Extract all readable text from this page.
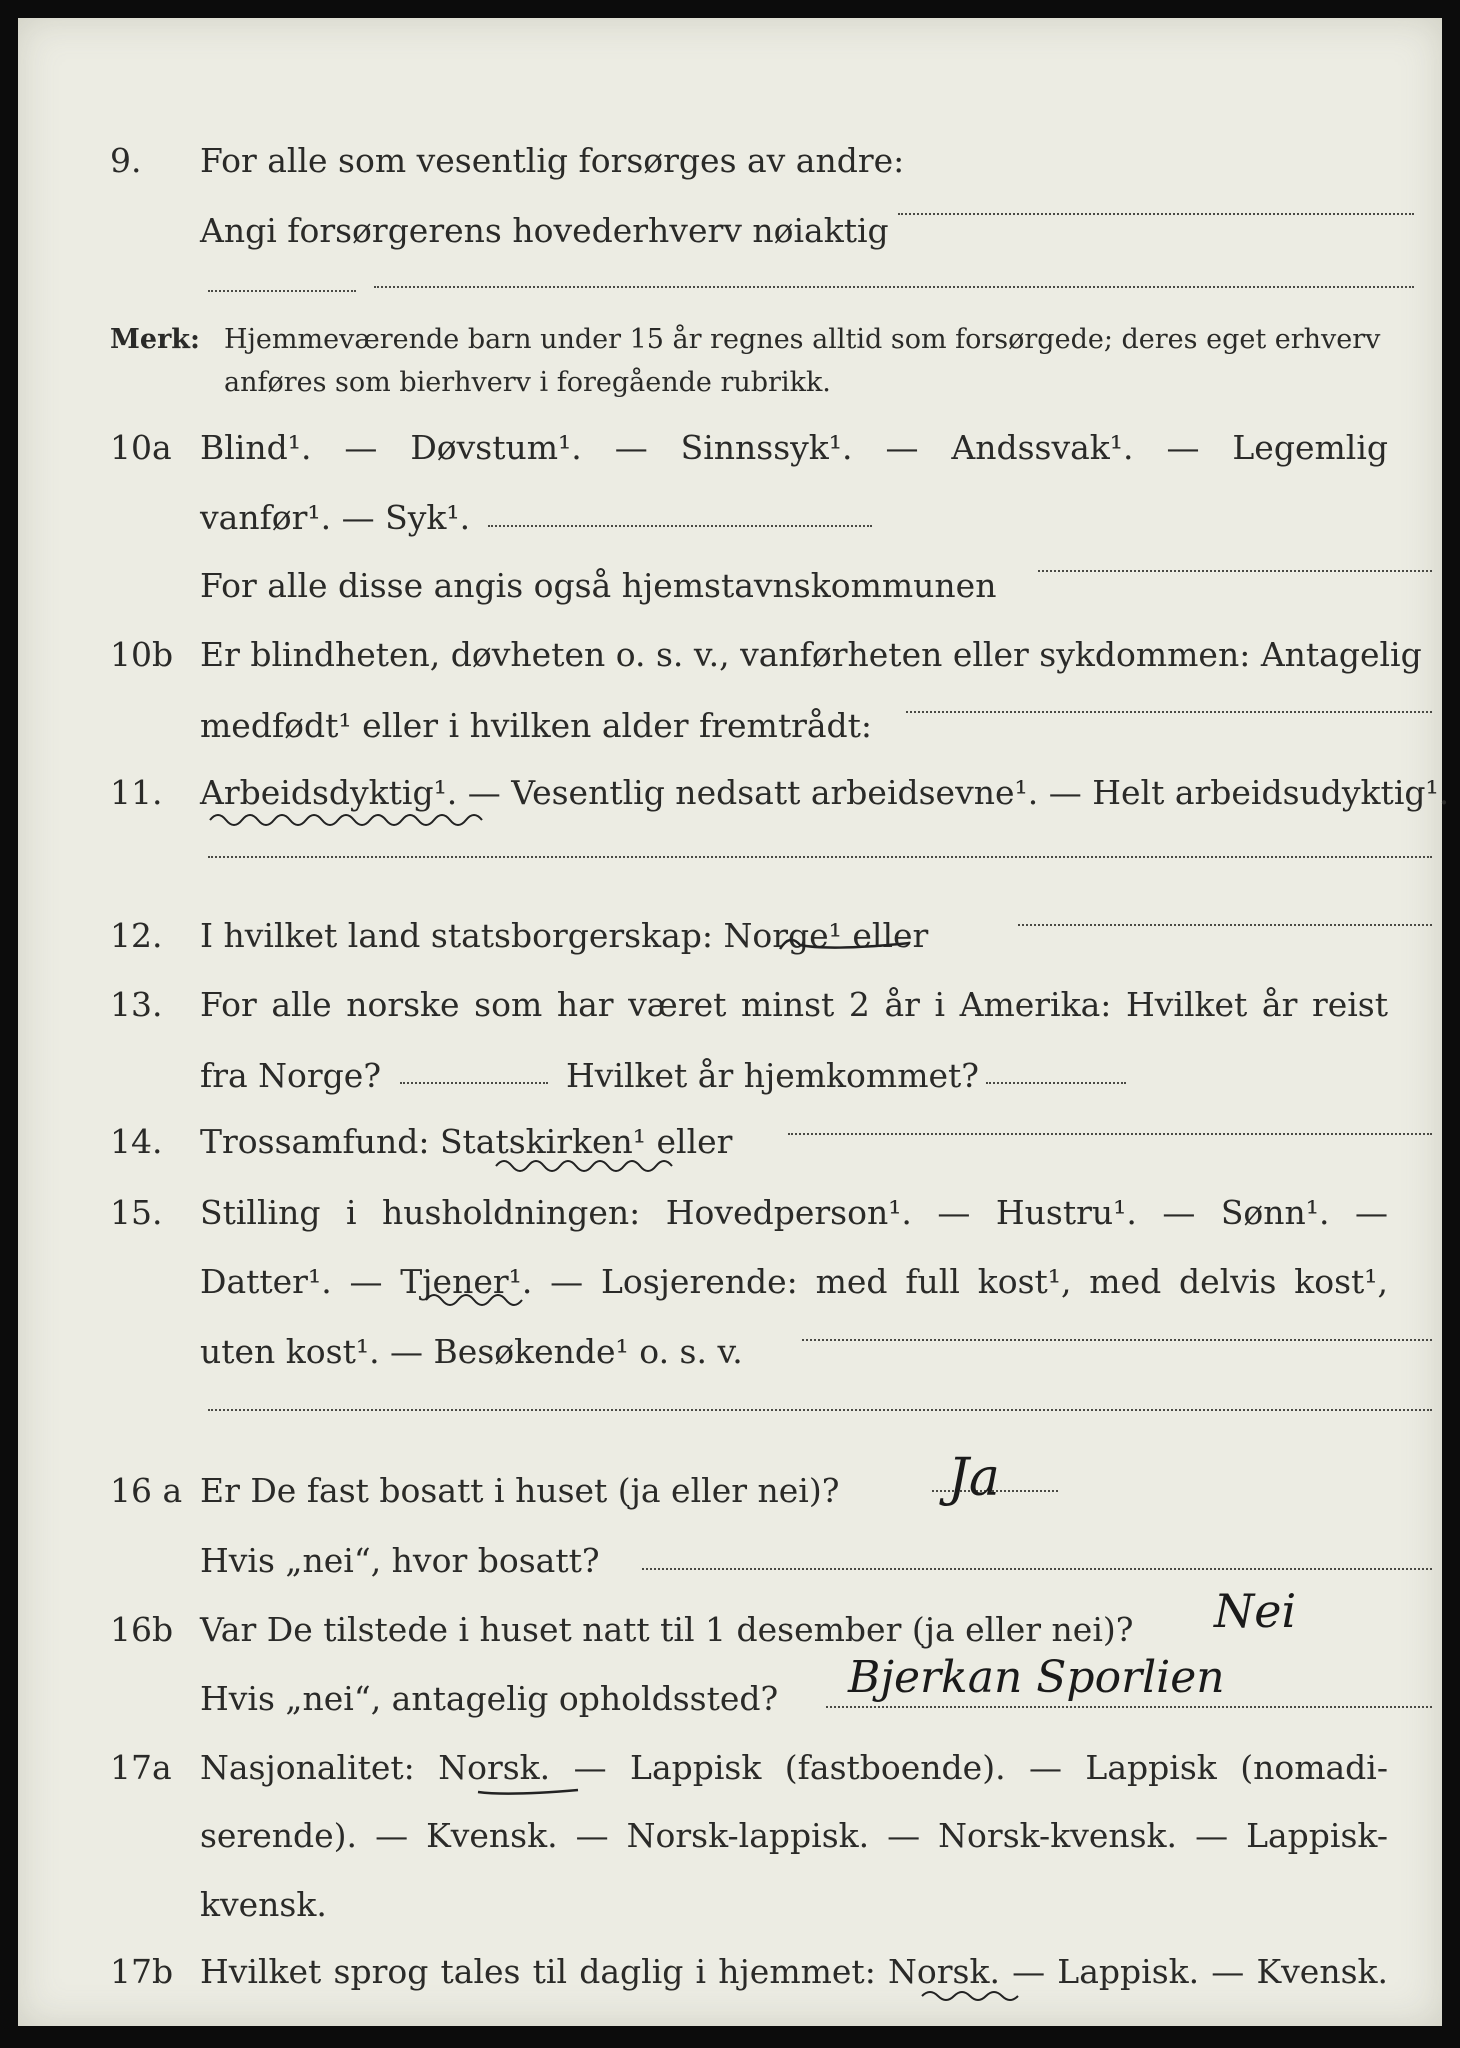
9.	For alle som vesentlig forsørges av andre:
Angi forsørgerens hovederhverv nøiaktig
Merk: Hjemmeværende barn under 15 år regnes alltid som forsørgede; deres eget erhverv
anføres som bierhverv i foregående rubrikk.
10a Blind¹. — Døvstum¹. — Sinnssyk¹. — Andssvak¹. — Legemlig
vanfør¹. — Syk¹.
For alle disse angis også hjemstavnskommunen
10b Er blindheten, døvheten o. s. v., vanførheten eller sykdommen: Antagelig
medfødt¹ eller i hvilken alder fremtrådt:
11.	Arbeidsdyktig¹. — Vesentlig nedsatt arbeidsevne¹. — Helt arbeidsudyktig¹.
12.	I hvilket land statsborgerskap: Norge¹ eller
13.	For alle norske som har været minst 2 år i Amerika: Hvilket år reist
fra Norge?	Hvilket år hjemkommet?
14.	Trossamfund: Statskirken¹ eller
15.	Stilling i husholdningen: Hovedperson¹. — Hustru¹. — Sønn¹. —
Datter¹. — Tjener¹. — Losjerende: med full kost¹, med delvis kost¹,
uten kost¹. — Besøkende¹ o. s. v.
16 a Er De fast bosatt i huset (ja eller nei)? Ja
Hvis „nei“, hvor bosatt?
16b Var De tilstede i huset natt til 1 desember (ja eller nei)? Nei
Hvis „nei“, antagelig opholdssted? Bjerkan Sporlien
17a Nasjonalitet: Norsk. — Lappisk (fastboende). — Lappisk (nomadi-
serende). — Kvensk. — Norsk-lappisk. — Norsk-kvensk. — Lappisk-
kvensk.
17b Hvilket sprog tales til daglig i hjemmet: Norsk. — Lappisk. — Kvensk.
